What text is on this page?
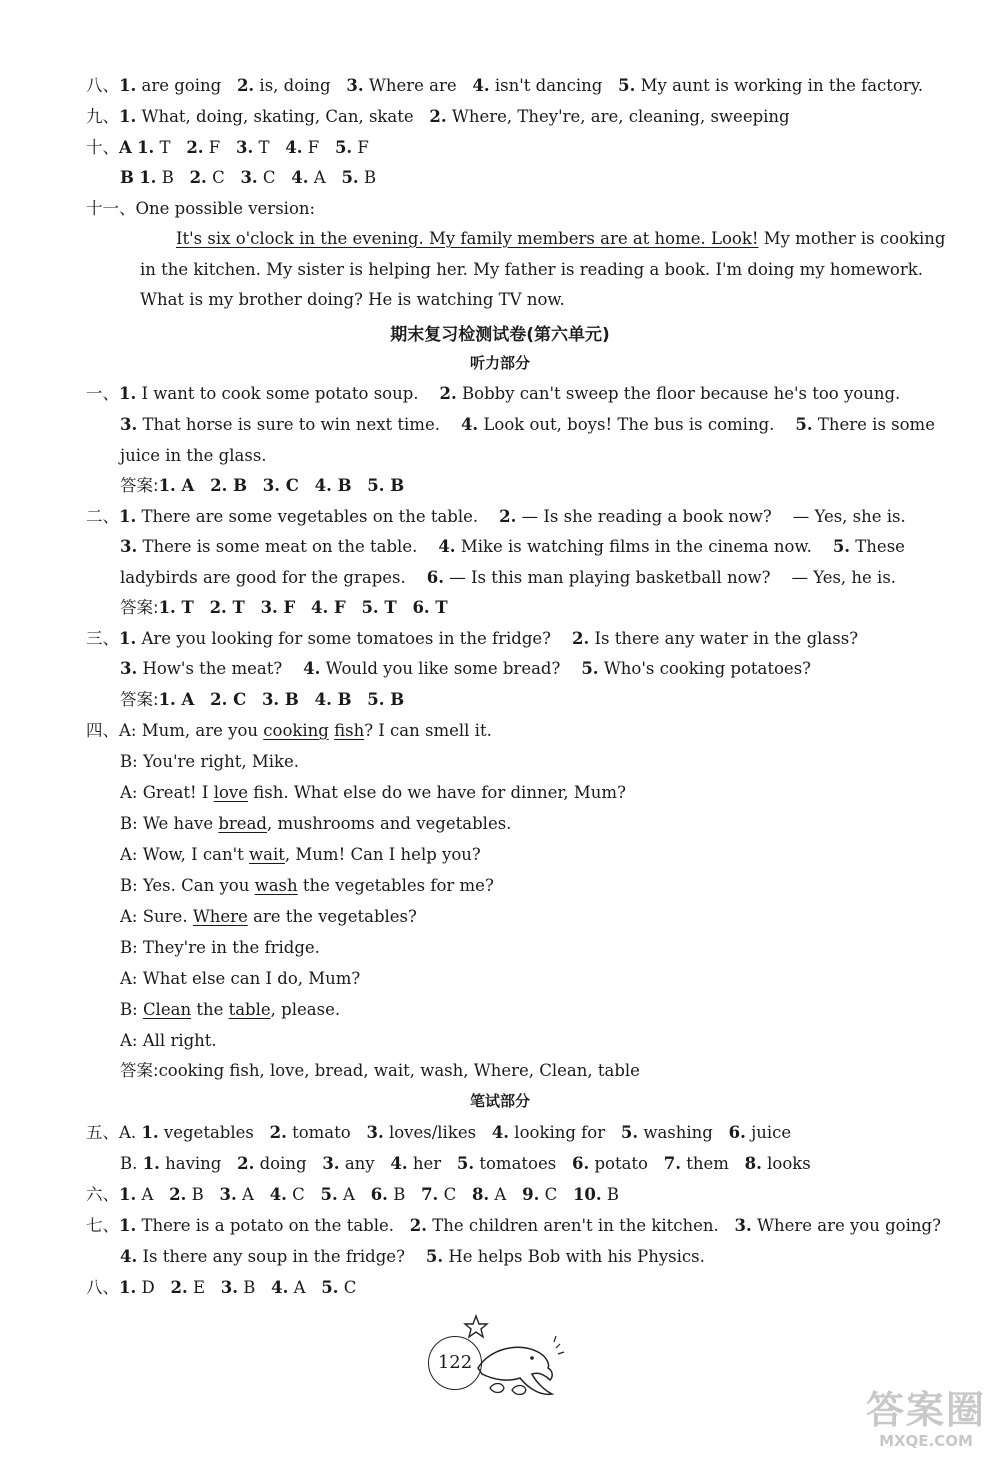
八、1. are going 2. is, doing 3. Where are 4. isn't dancing 5. My aunt is working in the factory.
九、1. What, doing, skating, Can, skate 2. Where, They're, are, cleaning, sweeping
十、A 1. T 2. F 3. T 4. F 5. F
B 1. B 2. C 3. C 4. A 5. B
十一、One possible version:
It's six o'clock in the evening. My family members are at home. Look! My mother is cooking
in the kitchen. My sister is helping her. My father is reading a book. I'm doing my homework.
What is my brother doing? He is watching TV now.
期末复习检测试卷(第六单元)
听力部分
一、1. I want to cook some potato soup. 2. Bobby can't sweep the floor because he's too young.
3. That horse is sure to win next time. 4. Look out, boys! The bus is coming. 5. There is some
juice in the glass.
答案:1. A 2. B 3. C 4. B 5. B
二、1. There are some vegetables on the table. 2. — Is she reading a book now? — Yes, she is.
3. There is some meat on the table. 4. Mike is watching films in the cinema now. 5. These
ladybirds are good for the grapes. 6. — Is this man playing basketball now? — Yes, he is.
答案:1. T 2. T 3. F 4. F 5. T 6. T
三、1. Are you looking for some tomatoes in the fridge? 2. Is there any water in the glass?
3. How's the meat? 4. Would you like some bread? 5. Who's cooking potatoes?
答案:1. A 2. C 3. B 4. B 5. B
四、A: Mum, are you cooking fish? I can smell it.
B: You're right, Mike.
A: Great! I love fish. What else do we have for dinner, Mum?
B: We have bread, mushrooms and vegetables.
A: Wow, I can't wait, Mum! Can I help you?
B: Yes. Can you wash the vegetables for me?
A: Sure. Where are the vegetables?
B: They're in the fridge.
A: What else can I do, Mum?
B: Clean the table, please.
A: All right.
答案:cooking fish, love, bread, wait, wash, Where, Clean, table
笔试部分
五、A. 1. vegetables 2. tomato 3. loves/likes 4. looking for 5. washing 6. juice
B. 1. having 2. doing 3. any 4. her 5. tomatoes 6. potato 7. them 8. looks
六、1. A 2. B 3. A 4. C 5. A 6. B 7. C 8. A 9. C 10. B
七、1. There is a potato on the table. 2. The children aren't in the kitchen. 3. Where are you going?
4. Is there any soup in the fridge? 5. He helps Bob with his Physics.
八、1. D 2. E 3. B 4. A 5. C
122
答案圈
MXQE.COM
